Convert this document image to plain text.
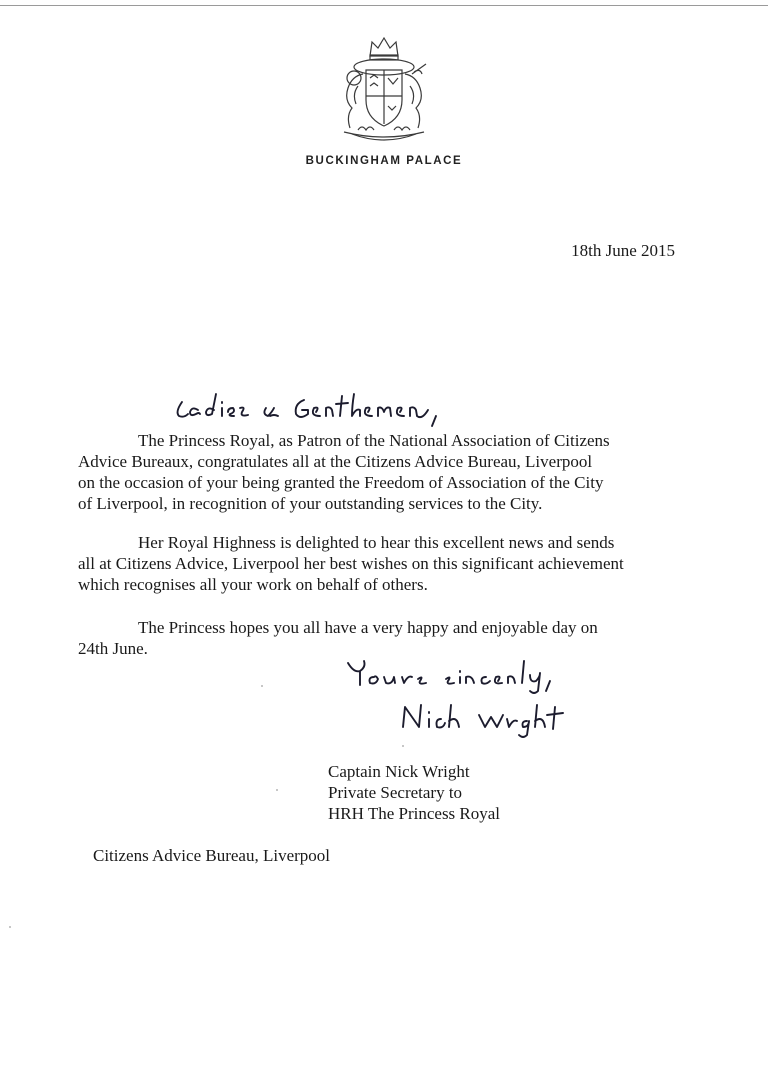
BUCKINGHAM PALACE
18th June 2015

The Princess Royal, as Patron of the National Association of Citizens
Advice Bureaux, congratulates all at the Citizens Advice Bureau, Liverpool
on the occasion of your being granted the Freedom of Association of the City
of Liverpool, in recognition of your outstanding services to the City.

Her Royal Highness is delighted to hear this excellent news and sends
all at Citizens Advice, Liverpool her best wishes on this significant achievement
which recognises all your work on behalf of others.

The Princess hopes you all have a very happy and enjoyable day on
24th June.

Captain Nick Wright
Private Secretary to
HRH The Princess Royal
Citizens Advice Bureau, Liverpool
